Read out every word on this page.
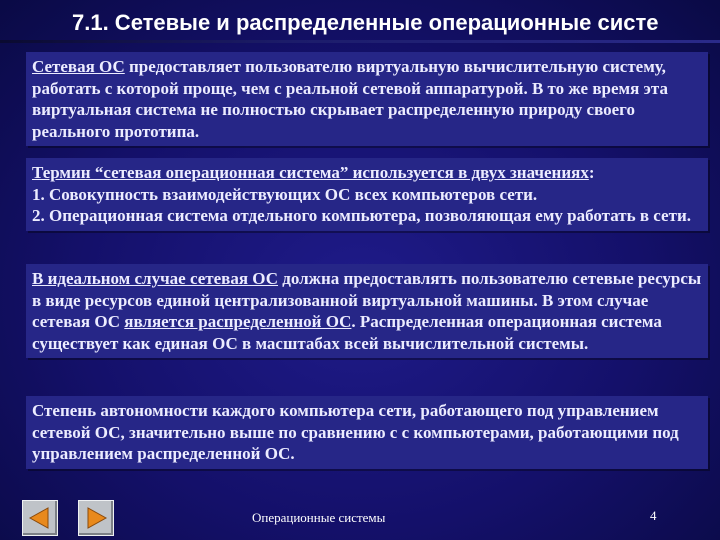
7.1. Сетевые и распределенные операционные систе

Сетевая ОС предоставляет пользователю виртуальную вычислительную систему, работать с которой проще, чем с реальной сетевой аппаратурой. В то же время эта виртуальная система не полностью скрывает распределенную природу своего реального прототипа.

Термин “сетевая операционная система” используется в двух значениях:
1. Совокупность взаимодействующих ОС всех компьютеров сети.
2. Операционная система отдельного компьютера, позволяющая ему работать в сети.

В идеальном случае сетевая ОС должна предоставлять пользователю сетевые ресурсы в виде ресурсов единой централизованной виртуальной машины. В этом случае сетевая ОС является распределенной ОС. Распределенная операционная система существует как единая ОС в масштабах всей вычислительной системы.

Степень автономности каждого компьютера сети, работающего под управлением сетевой ОС, значительно выше по сравнению с с компьютерами, работающими под управлением распределенной ОС.

Операционные системы	4
